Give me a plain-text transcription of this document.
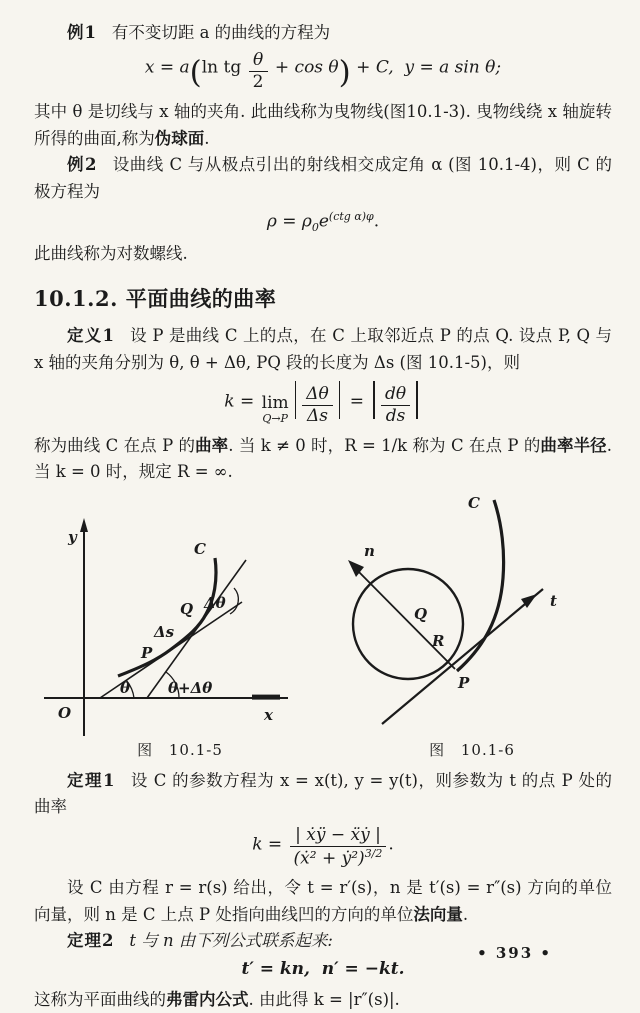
例1 有不变切距 a 的曲线的方程为

x = a(ln tg $\frac{\theta}{2} + \cos \theta) + C$,  y = a sin θ;

其中 θ 是切线与 x 轴的夹角. 此曲线称为曳物线(图10.1-3). 曳物线绕 x 轴旋转所得的曲面,称为伪球面.

例2 设曲线 C 与从极点引出的射线相交成定角 α (图 10.1-4)，则 C 的极方程为

$\rho = \rho_0e^{(ctg \alpha)\varphi}$.

此曲线称为对数螺线.

10.1.2. 平面曲线的曲率

定义1 设 P 是曲线 C 上的点，在 C 上取邻近点 P 的点 Q. 设点 P, Q 与 x 轴的夹角分别为 θ, θ + Δθ, PQ 段的长度为 Δs (图 10.1-5)，则

k = lim
$Q\to P \frac{\Delta\theta}{\Delta s} = \frac{d\theta}{ds}$

称为曲线 C 在点 P 的曲率. 当 k ≠ 0 时，R = 1/k 称为 C 在点 P 的曲率半径. 当 k = 0 时，规定 R = ∞.

y
x
O
C
P
Q
Δs
Δθ
θ	θ+Δθ
图 10.1-5
C
n
t
Q
R
P
图 10.1-6

定理1 设 C 的参数方程为 x = x(t), y = y(t)，则参数为 t 的点 P 处的曲率

$k = \frac{\text{| ẋÿ − ẍẏ |}}{(ẋ^2 + ẏ^2)^{3/2}}$ .

设 C 由方程 r = r(s) 给出，令 t = r′(s)，n 是 t′(s) = r″(s) 方向的单位向量，则 n 是 C 上点 P 处指向曲线凹的方向的单位法向量.

定理2 t 与 n 由下列公式联系起来:

t′ = kn,  n′ = −kt.

这称为平面曲线的弗雷内公式. 由此得 k = |r″(s)|.

• 393 •
